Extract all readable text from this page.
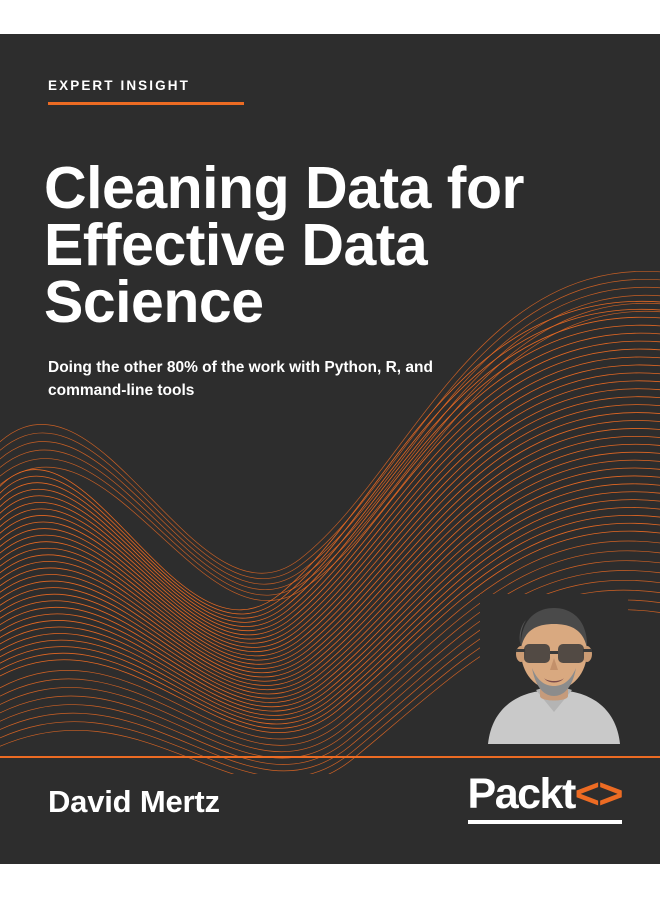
EXPERT INSIGHT
Cleaning Data for Effective Data Science
Doing the other 80% of the work with Python, R, and command-line tools
David Mertz	Packt<>
